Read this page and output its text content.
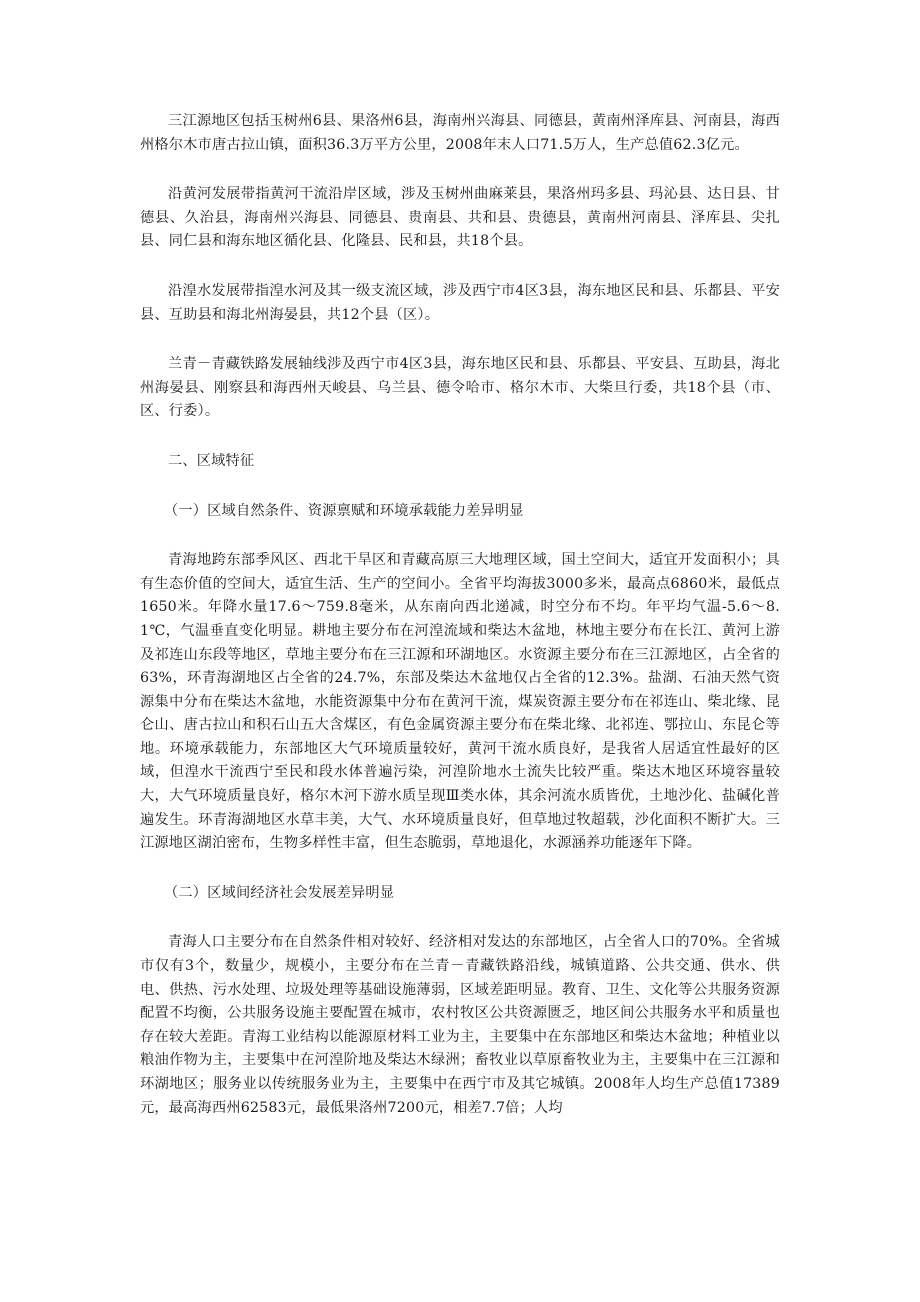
三江源地区包括玉树州6县、果洛州6县，海南州兴海县、同德县，黄南州泽库县、河南县，海西州格尔木市唐古拉山镇，面积36.3万平方公里，2008年末人口71.5万人，生产总值62.3亿元。

沿黄河发展带指黄河干流沿岸区域，涉及玉树州曲麻莱县，果洛州玛多县、玛沁县、达日县、甘德县、久治县，海南州兴海县、同德县、贵南县、共和县、贵德县，黄南州河南县、泽库县、尖扎县、同仁县和海东地区循化县、化隆县、民和县，共18个县。

沿湟水发展带指湟水河及其一级支流区域，涉及西宁市4区3县，海东地区民和县、乐都县、平安县、互助县和海北州海晏县，共12个县（区）。

兰青－青藏铁路发展轴线涉及西宁市4区3县，海东地区民和县、乐都县、平安县、互助县，海北州海晏县、刚察县和海西州天峻县、乌兰县、德令哈市、格尔木市、大柴旦行委，共18个县（市、区、行委）。

二、区域特征

（一）区域自然条件、资源禀赋和环境承载能力差异明显

青海地跨东部季风区、西北干旱区和青藏高原三大地理区域，国土空间大，适宜开发面积小；具有生态价值的空间大，适宜生活、生产的空间小。全省平均海拔3000多米，最高点6860米，最低点1650米。年降水量17.6～759.8毫米，从东南向西北递减，时空分布不均。年平均气温-5.6～8.1℃，气温垂直变化明显。耕地主要分布在河湟流域和柴达木盆地，林地主要分布在长江、黄河上游及祁连山东段等地区，草地主要分布在三江源和环湖地区。水资源主要分布在三江源地区，占全省的63%，环青海湖地区占全省的24.7%，东部及柴达木盆地仅占全省的12.3%。盐湖、石油天然气资源集中分布在柴达木盆地，水能资源集中分布在黄河干流，煤炭资源主要分布在祁连山、柴北缘、昆仑山、唐古拉山和积石山五大含煤区，有色金属资源主要分布在柴北缘、北祁连、鄂拉山、东昆仑等地。环境承载能力，东部地区大气环境质量较好，黄河干流水质良好，是我省人居适宜性最好的区域，但湟水干流西宁至民和段水体普遍污染，河湟阶地水土流失比较严重。柴达木地区环境容量较大，大气环境质量良好，格尔木河下游水质呈现Ⅲ类水体，其余河流水质皆优，土地沙化、盐碱化普遍发生。环青海湖地区水草丰美，大气、水环境质量良好，但草地过牧超载，沙化面积不断扩大。三江源地区湖泊密布，生物多样性丰富，但生态脆弱，草地退化，水源涵养功能逐年下降。

（二）区域间经济社会发展差异明显

青海人口主要分布在自然条件相对较好、经济相对发达的东部地区，占全省人口的70%。全省城市仅有3个，数量少，规模小，主要分布在兰青－青藏铁路沿线，城镇道路、公共交通、供水、供电、供热、污水处理、垃圾处理等基础设施薄弱，区域差距明显。教育、卫生、文化等公共服务资源配置不均衡，公共服务设施主要配置在城市，农村牧区公共资源匮乏，地区间公共服务水平和质量也存在较大差距。青海工业结构以能源原材料工业为主，主要集中在东部地区和柴达木盆地；种植业以粮油作物为主，主要集中在河湟阶地及柴达木绿洲；畜牧业以草原畜牧业为主，主要集中在三江源和环湖地区；服务业以传统服务业为主，主要集中在西宁市及其它城镇。2008年人均生产总值17389元，最高海西州62583元，最低果洛州7200元，相差7.7倍；人均
